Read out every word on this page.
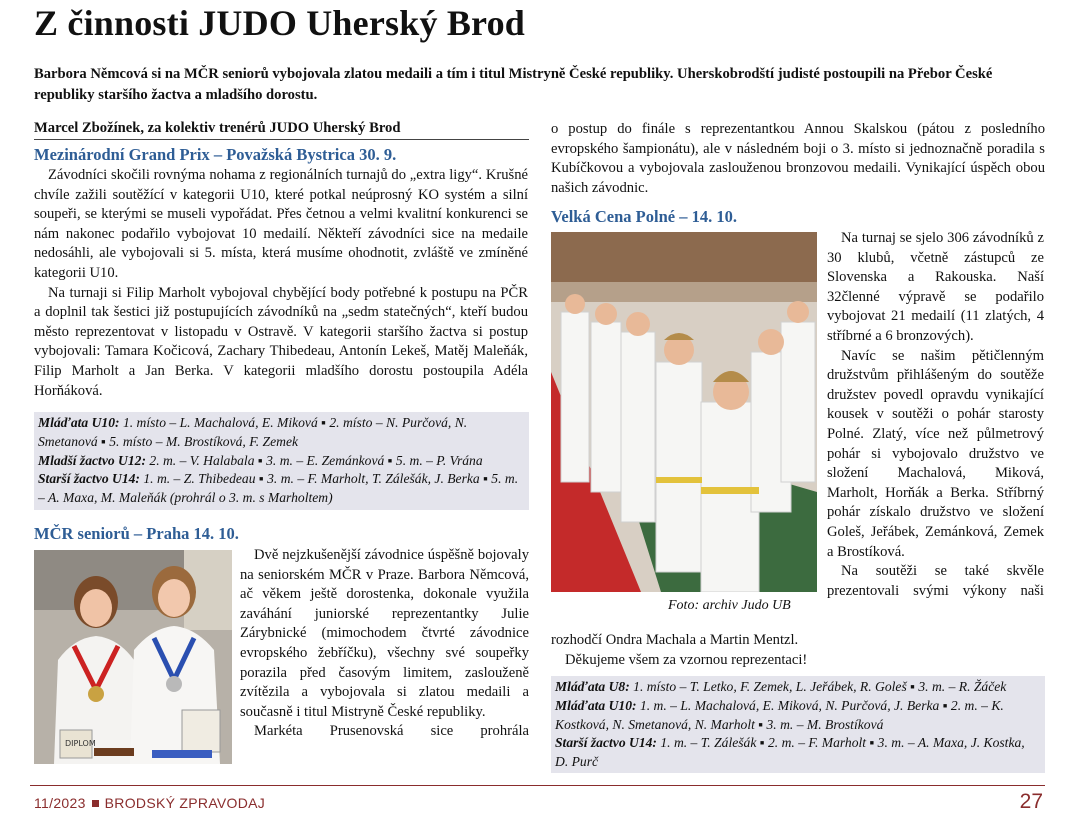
Z činnosti JUDO Uherský Brod

Barbora Němcová si na MČR seniorů vybojovala zlatou medaili a tím i titul Mistryně České republiky. Uherskobrodští judisté postoupili na Přebor České republiky staršího žactva a mladšího dorostu.

Marcel Zbožínek, za kolektiv trenérů JUDO Uherský Brod
Mezinárodní Grand Prix – Považská Bystrica 30. 9.

Závodníci skočili rovnýma nohama z regionálních turnajů do „extra ligy“. Krušné chvíle zažili soutěžící v kategorii U10, které potkal neúprosný KO systém a silní soupeři, se kterými se museli vypořádat. Přes četnou a velmi kvalitní konkurenci se nám nakonec podařilo vybojovat 10 medailí. Někteří závodníci sice na medaile nedosáhli, ale vybojovali si 5. místa, která musíme ohodnotit, zvláště ve zmíněné kategorii U10.

Na turnaji si Filip Marholt vybojoval chybějící body potřebné k postupu na PČR a doplnil tak šestici již postupujících závodníků na „sedm statečných“, kteří budou město reprezentovat v listopadu v Ostravě. V kategorii staršího žactva si postup vybojovali: Tamara Kočicová, Zachary Thibedeau, Antonín Lekeš, Matěj Maleňák, Filip Marholt a Jan Berka. V kategorii mladšího dorostu postoupila Adéla Horňáková.

Mláďata U10: 1. místo – L. Machalová, E. Miková ▪ 2. místo – N. Purčová, N. Smetanová ▪ 5. místo – M. Brostíková, F. Zemek
Mladší žactvo U12: 2. m. – V. Halabala ▪ 3. m. – E. Zemánková ▪ 5. m. – P. Vrána
Starší žactvo U14: 1. m. – Z. Thibedeau ▪ 3. m. – F. Marholt, T. Zálešák, J. Berka ▪ 5. m. – A. Maxa, M. Maleňák (prohrál o 3. m. s Marholtem)
MČR seniorů – Praha 14. 10.
DIPLOM

Dvě nejzkušenější závodnice úspěšně bojovaly na seniorském MČR v Praze. Barbora Němcová, ač věkem ještě dorostenka, dokonale využila zaváhání juniorské reprezentantky Julie Zárybnické (mimochodem čtvrté závodnice evropského žebříčku), všechny své soupeřky porazila před časovým limitem, zaslouženě zvítězila a vybojovala si zlatou medaili a současně i titul Mistryně České republiky.

Markéta Prusenovská sice prohrála

o postup do finále s reprezentantkou Annou Skalskou (pátou z posledního evropského šampionátu), ale v následném boji o 3. místo si jednoznačně poradila s Kubíčkovou a vybojovala zaslouženou bronzovou medaili. Vynikající úspěch obou našich závodnic.

Velká Cena Polné – 14. 10.
Foto: archiv Judo UB

Na turnaj se sjelo 306 závodníků z 30 klubů, včetně zástupců ze Slovenska a Rakouska. Naší 32členné výpravě se podařilo vybojovat 21 medailí (11 zlatých, 4 stříbrné a 6 bronzových).

Navíc se našim pětičlenným družstvům přihlášeným do soutěže družstev povedl opravdu vynikající kousek v soutěži o pohár starosty Polné. Zlatý, více než půlmetrový pohár si vybojovalo družstvo ve složení Machalová, Miková, Marholt, Horňák a Berka. Stříbrný pohár získalo družstvo ve složení Goleš, Jeřábek, Zemánková, Zemek a Brostíková.

Na soutěži se také skvěle prezentovali svými výkony naši

rozhodčí Ondra Machala a Martin Mentzl.

Děkujeme všem za vzornou reprezentaci!

Mláďata U8: 1. místo – T. Letko, F. Zemek, L. Jeřábek, R. Goleš ▪ 3. m. – R. Žáček
Mláďata U10: 1. m. – L. Machalová, E. Miková, N. Purčová, J. Berka ▪ 2. m. – K. Kostková, N. Smetanová, N. Marholt ▪ 3. m. – M. Brostíková
Starší žactvo U14: 1. m. – T. Zálešák ▪ 2. m. – F. Marholt ▪ 3. m. – A. Maxa, J. Kostka, D. Purč
11/2023 BRODSKÝ ZPRAVODAJ	27
